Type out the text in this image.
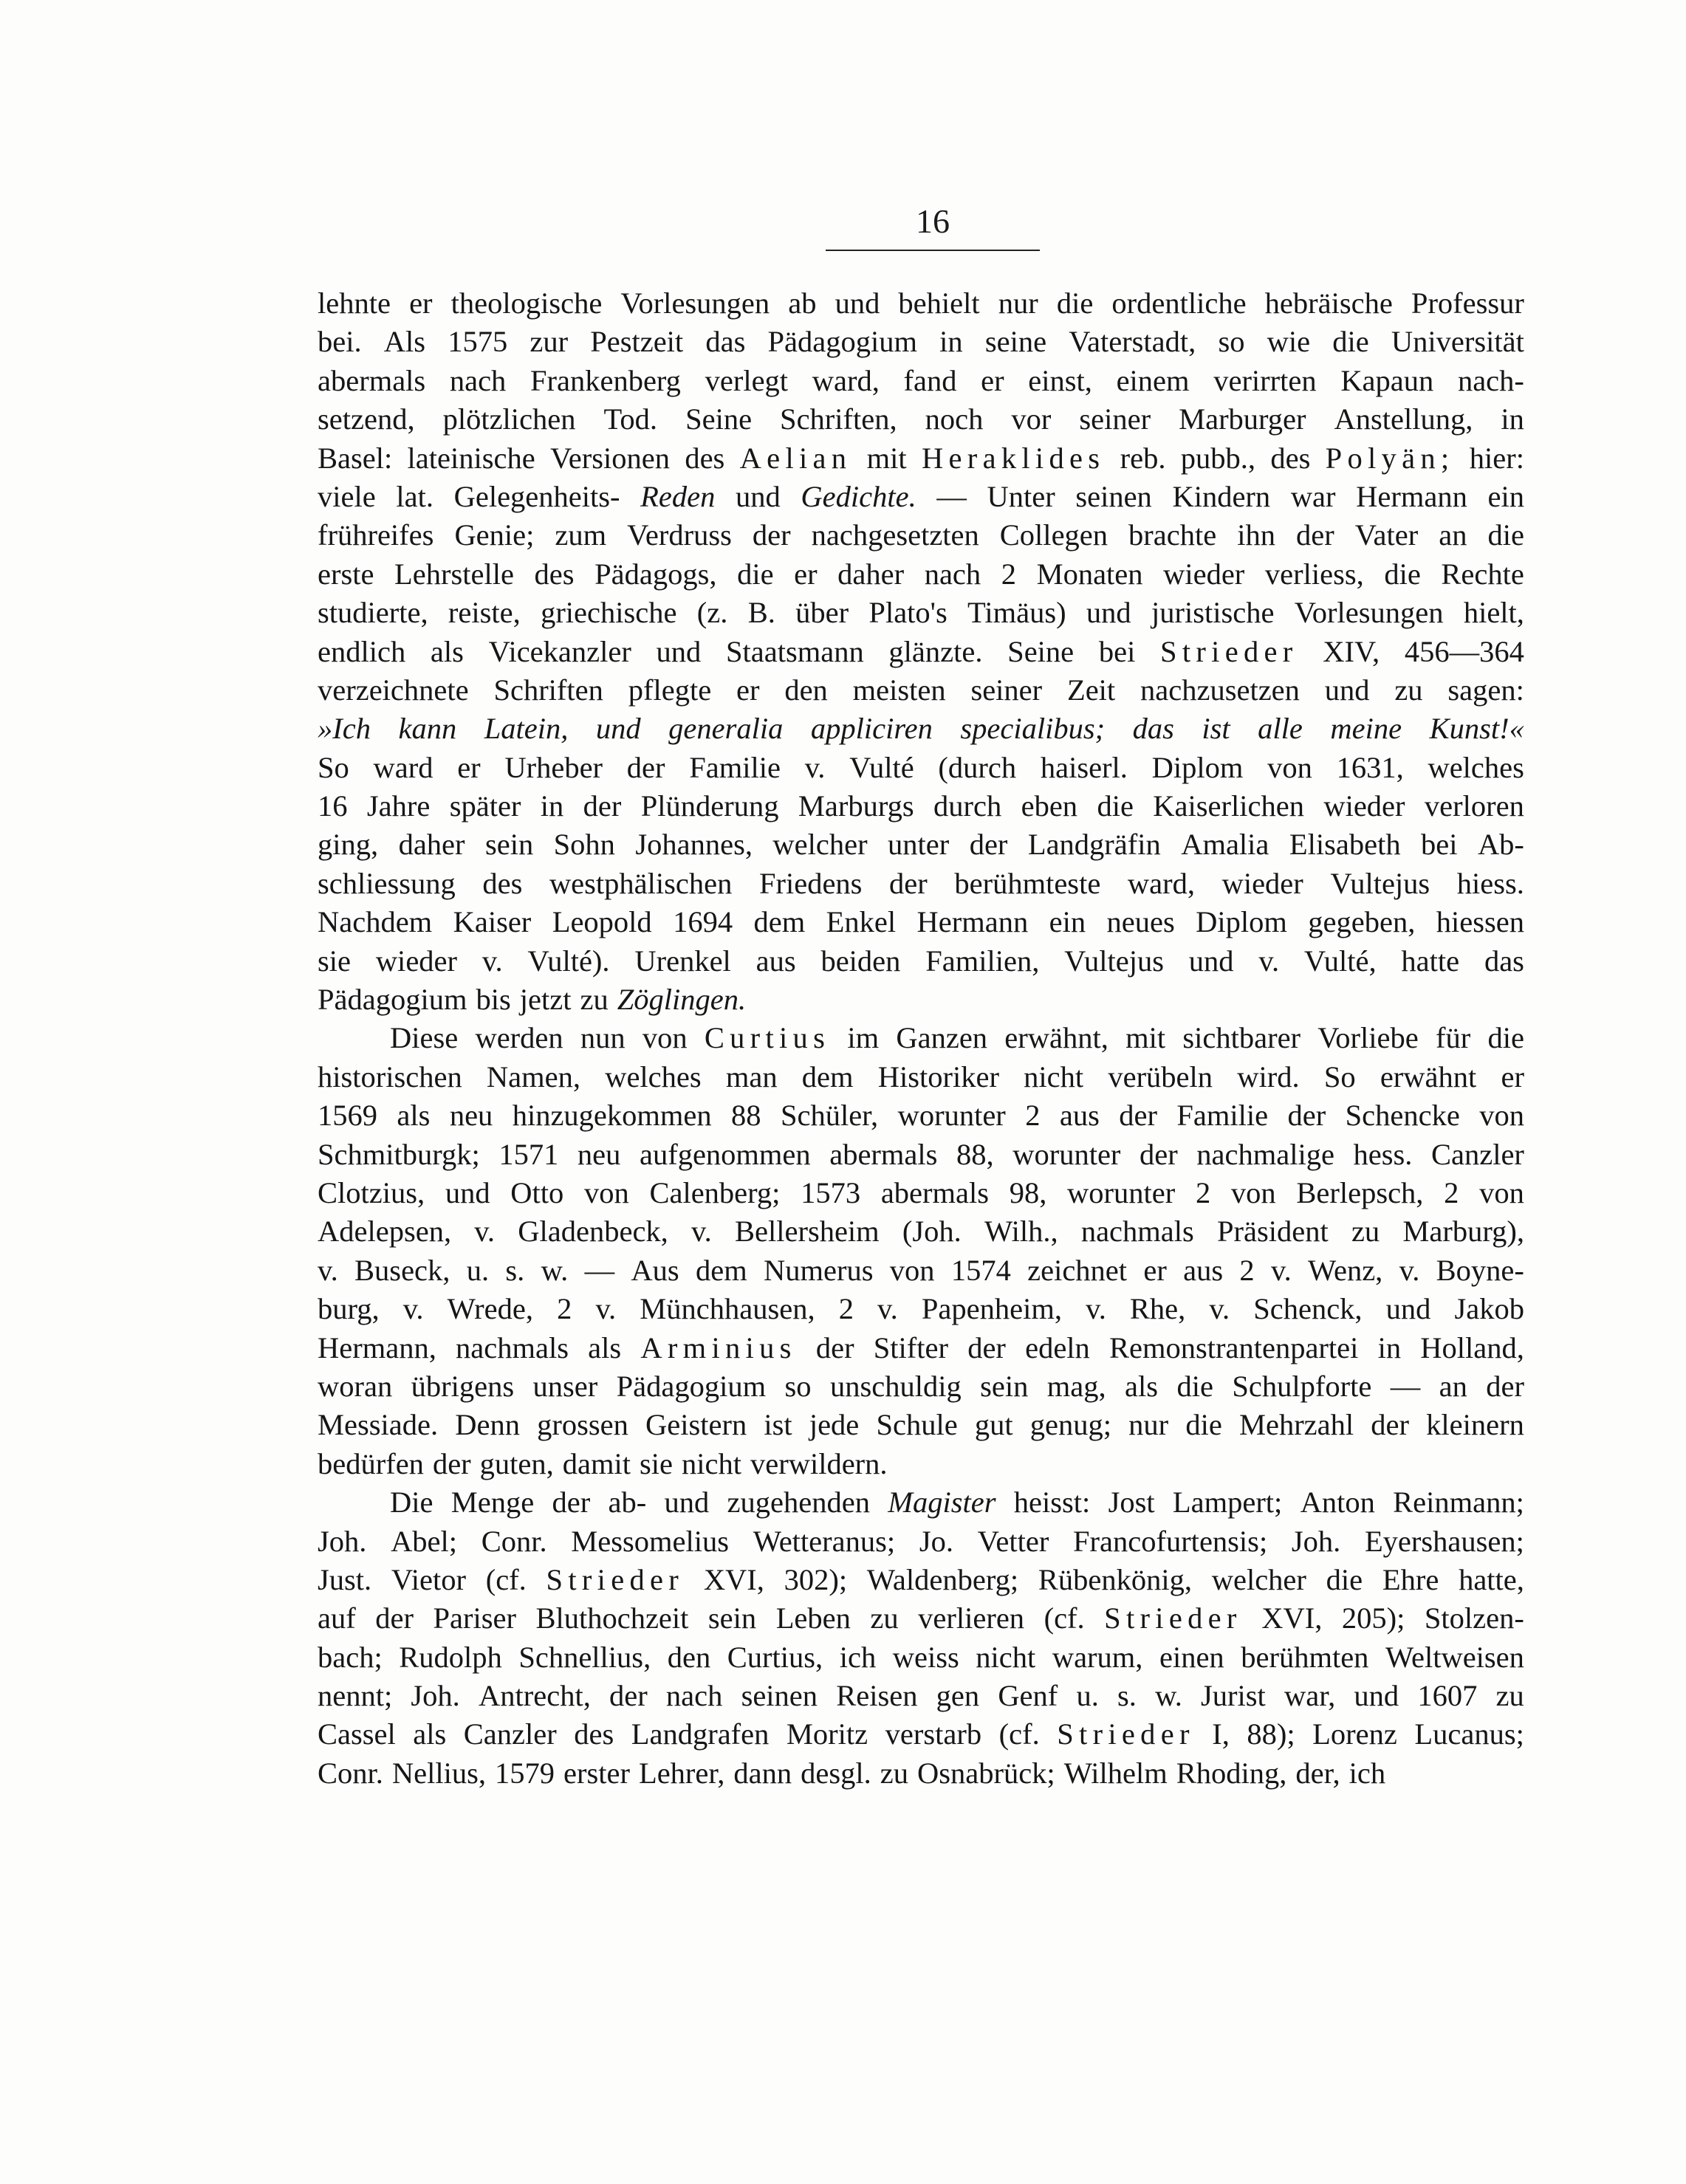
16
lehnte er theologische Vorlesungen ab und behielt nur die ordentliche hebräische Professur
bei. Als 1575 zur Pestzeit das Pädagogium in seine Vaterstadt, so wie die Universität
abermals nach Frankenberg verlegt ward, fand er einst, einem verirrten Kapaun nach-
setzend, plötzlichen Tod. Seine Schriften, noch vor seiner Marburger Anstellung, in
Basel: lateinische Versionen des Aelian mit Heraklides reb. pubb., des Polyän; hier:
viele lat. Gelegenheits- Reden und Gedichte. — Unter seinen Kindern war Hermann ein
frühreifes Genie; zum Verdruss der nachgesetzten Collegen brachte ihn der Vater an die
erste Lehrstelle des Pädagogs, die er daher nach 2 Monaten wieder verliess, die Rechte
studierte, reiste, griechische (z. B. über Plato's Timäus) und juristische Vorlesungen hielt,
endlich als Vicekanzler und Staatsmann glänzte. Seine bei Strieder XIV, 456—364
verzeichnete Schriften pflegte er den meisten seiner Zeit nachzusetzen und zu sagen:
»Ich kann Latein, und generalia appliciren specialibus; das ist alle meine Kunst!«
So ward er Urheber der Familie v. Vulté (durch haiserl. Diplom von 1631, welches
16 Jahre später in der Plünderung Marburgs durch eben die Kaiserlichen wieder verloren
ging, daher sein Sohn Johannes, welcher unter der Landgräfin Amalia Elisabeth bei Ab-
schliessung des westphälischen Friedens der berühmteste ward, wieder Vultejus hiess.
Nachdem Kaiser Leopold 1694 dem Enkel Hermann ein neues Diplom gegeben, hiessen
sie wieder v. Vulté). Urenkel aus beiden Familien, Vultejus und v. Vulté, hatte das
Pädagogium bis jetzt zu Zöglingen.
Diese werden nun von Curtius im Ganzen erwähnt, mit sichtbarer Vorliebe für die
historischen Namen, welches man dem Historiker nicht verübeln wird. So erwähnt er
1569 als neu hinzugekommen 88 Schüler, worunter 2 aus der Familie der Schencke von
Schmitburgk; 1571 neu aufgenommen abermals 88, worunter der nachmalige hess. Canzler
Clotzius, und Otto von Calenberg; 1573 abermals 98, worunter 2 von Berlepsch, 2 von
Adelepsen, v. Gladenbeck, v. Bellersheim (Joh. Wilh., nachmals Präsident zu Marburg),
v. Buseck, u. s. w. — Aus dem Numerus von 1574 zeichnet er aus 2 v. Wenz, v. Boyne-
burg, v. Wrede, 2 v. Münchhausen, 2 v. Papenheim, v. Rhe, v. Schenck, und Jakob
Hermann, nachmals als Arminius der Stifter der edeln Remonstrantenpartei in Holland,
woran übrigens unser Pädagogium so unschuldig sein mag, als die Schulpforte — an der
Messiade. Denn grossen Geistern ist jede Schule gut genug; nur die Mehrzahl der kleinern
bedürfen der guten, damit sie nicht verwildern.
Die Menge der ab- und zugehenden Magister heisst: Jost Lampert; Anton Reinmann;
Joh. Abel; Conr. Messomelius Wetteranus; Jo. Vetter Francofurtensis; Joh. Eyershausen;
Just. Vietor (cf. Strieder XVI, 302); Waldenberg; Rübenkönig, welcher die Ehre hatte,
auf der Pariser Bluthochzeit sein Leben zu verlieren (cf. Strieder XVI, 205); Stolzen-
bach; Rudolph Schnellius, den Curtius, ich weiss nicht warum, einen berühmten Weltweisen
nennt; Joh. Antrecht, der nach seinen Reisen gen Genf u. s. w. Jurist war, und 1607 zu
Cassel als Canzler des Landgrafen Moritz verstarb (cf. Strieder I, 88); Lorenz Lucanus;
Conr. Nellius, 1579 erster Lehrer, dann desgl. zu Osnabrück; Wilhelm Rhoding, der, ich
